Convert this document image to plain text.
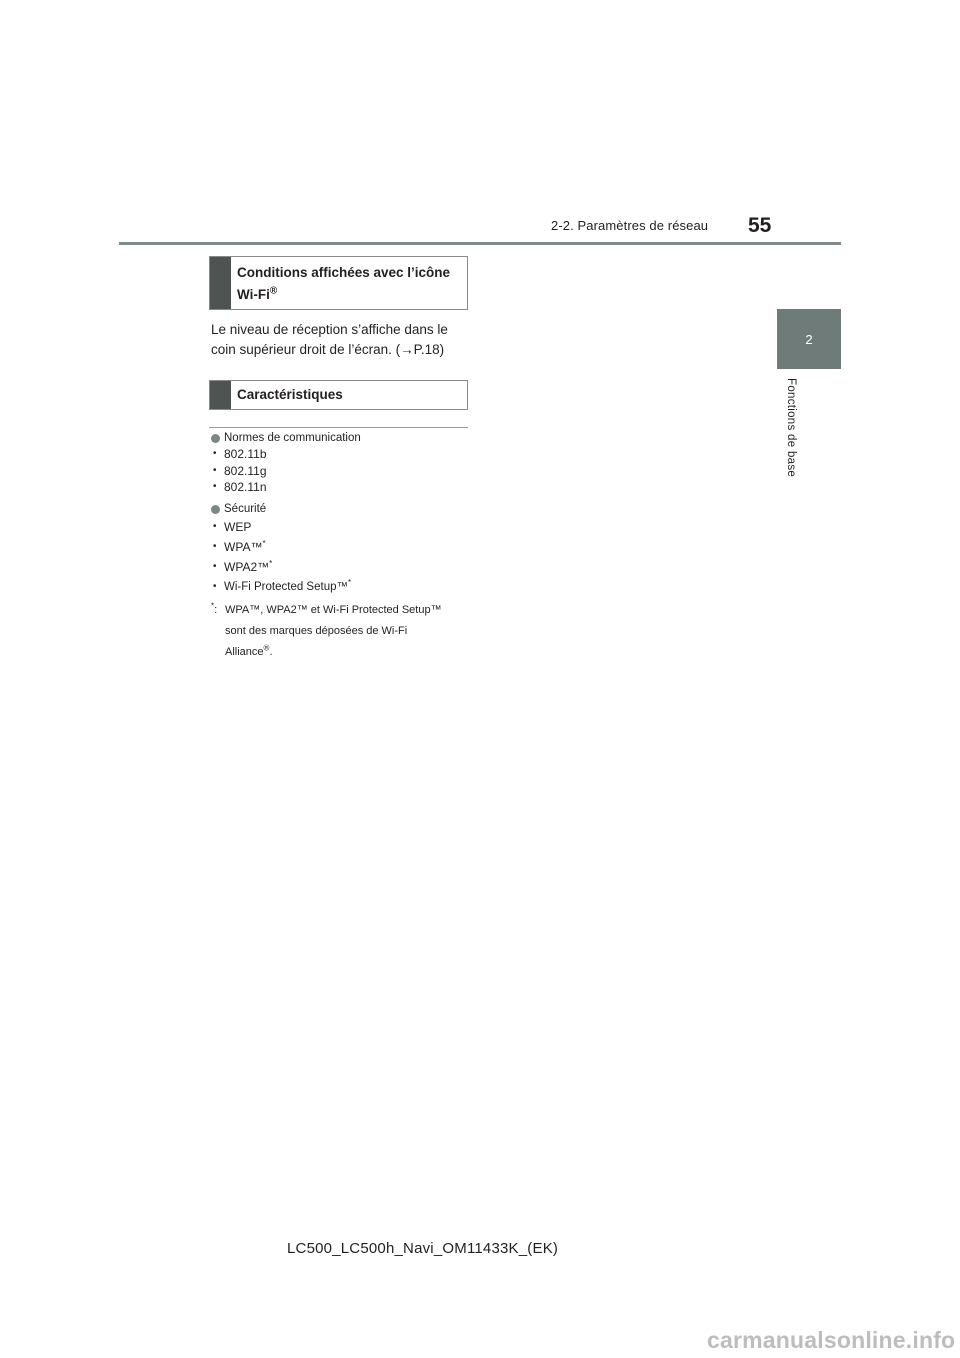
2-2. Paramètres de réseau 55
2
Fonctions de base
Conditions affichées avec l’icône
Wi-Fi®
Le niveau de réception s’affiche dans le
coin supérieur droit de l’écran. (→P.18)
Caractéristiques
Normes de communication
• 802.11b
• 802.11g
• 802.11n
Sécurité
• WEP
• WPA™*
• WPA2™*
• Wi-Fi Protected Setup™*
*: WPA™, WPA2™ et Wi-Fi Protected Setup™
sont des marques déposées de Wi-Fi
Alliance®.
LC500_LC500h_Navi_OM11433K_(EK)
carmanualsonline.info
